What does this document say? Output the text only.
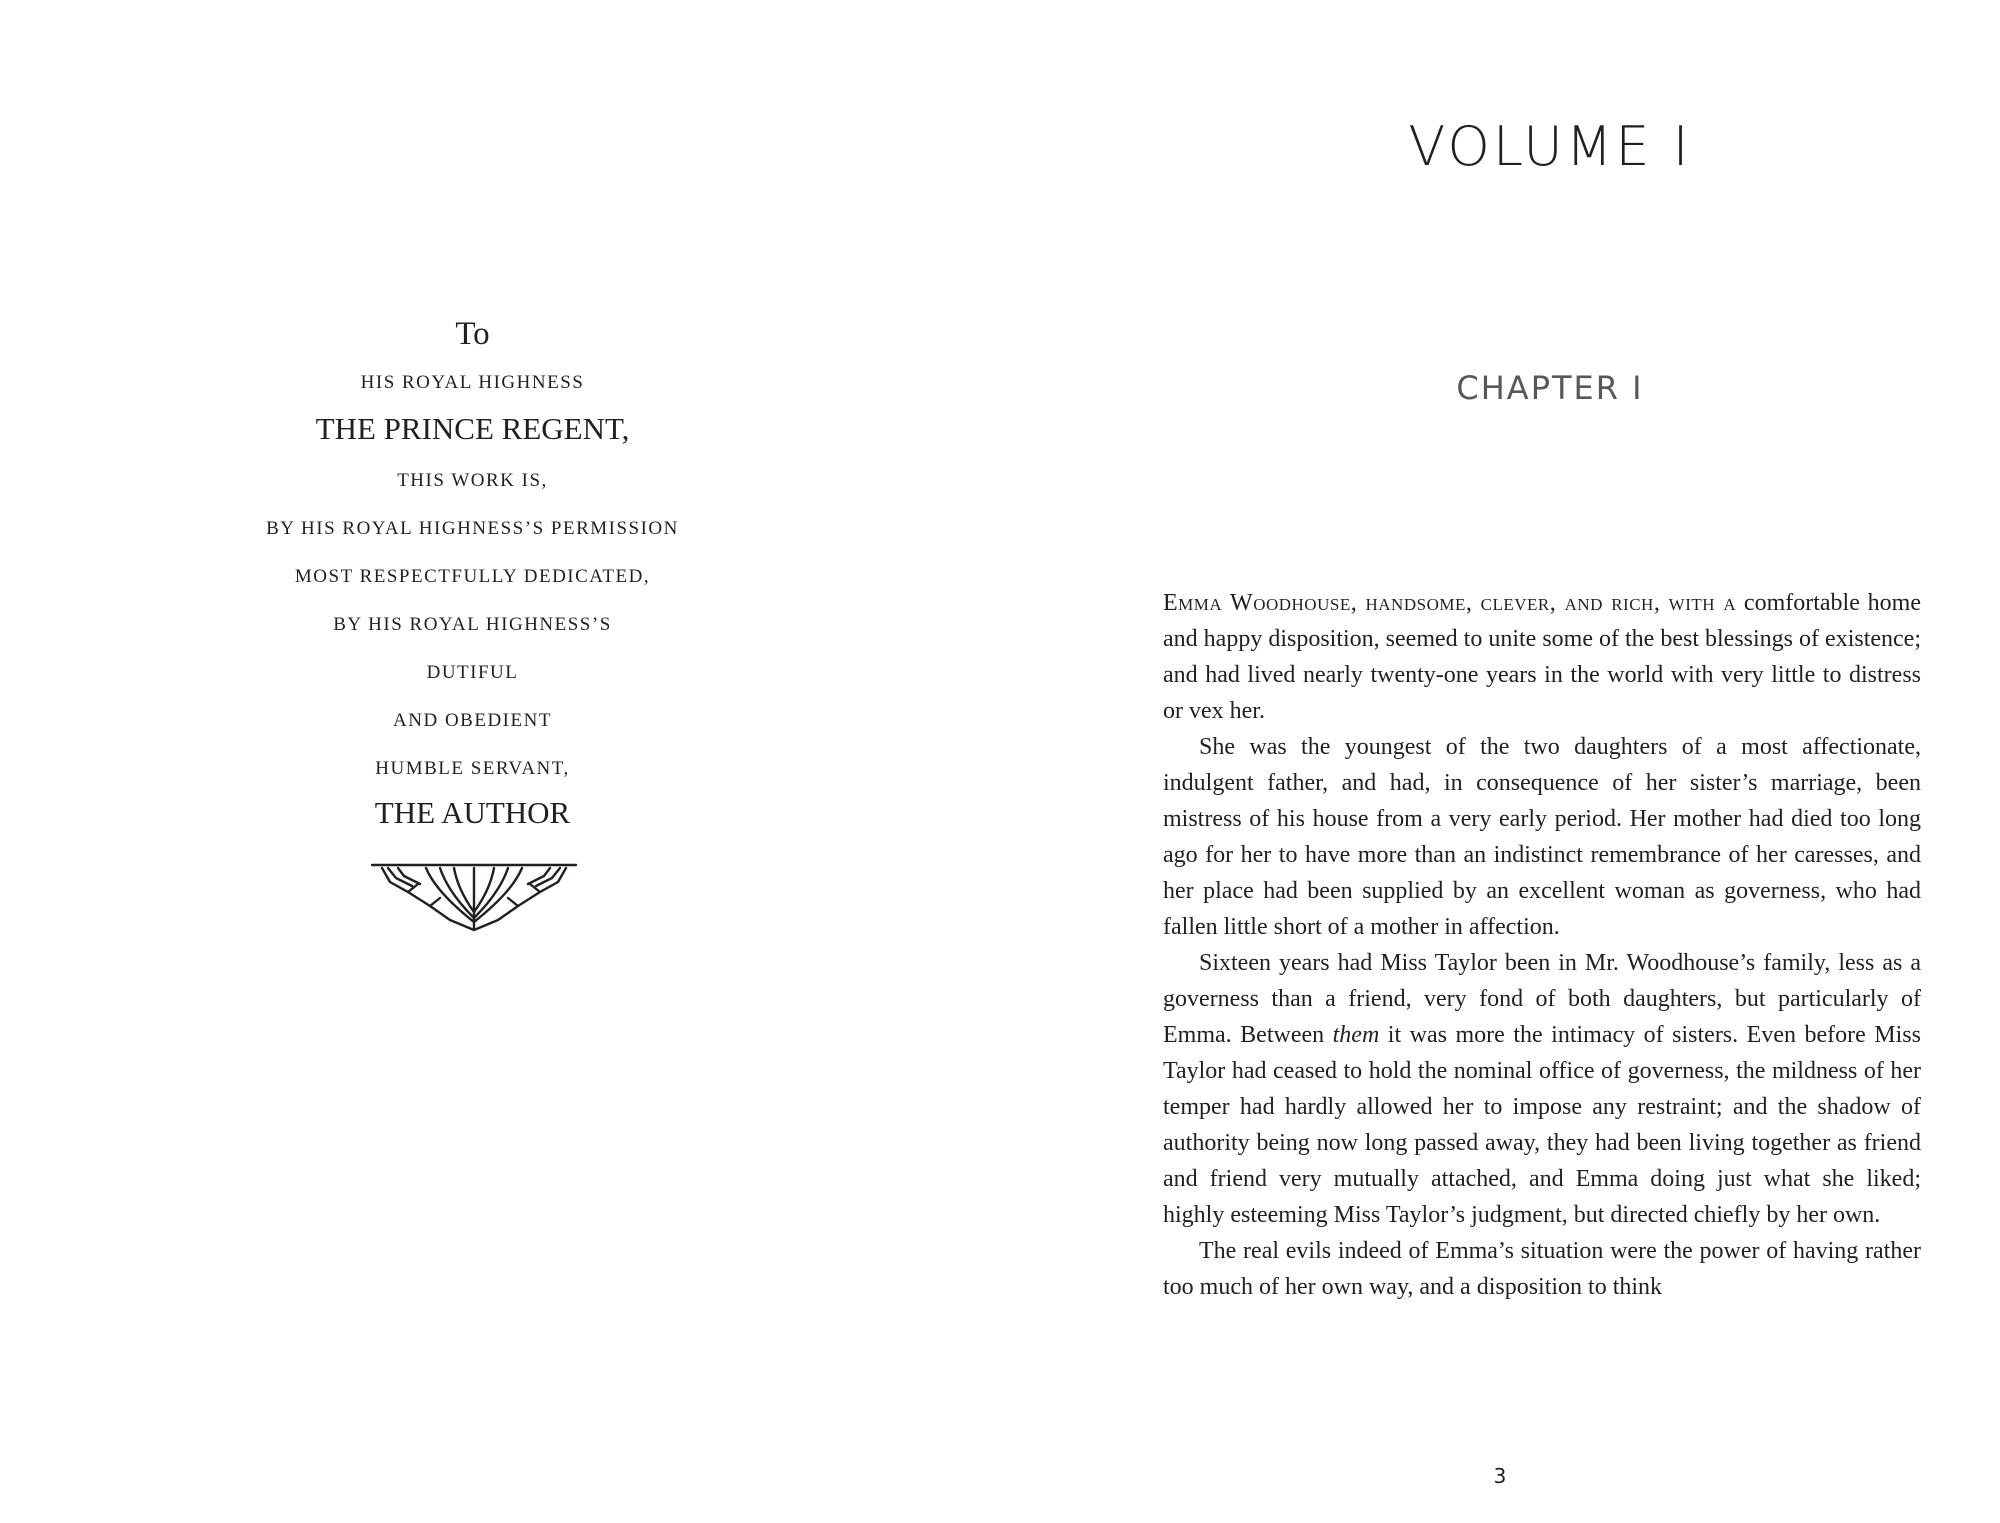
To
HIS ROYAL HIGHNESS
THE PRINCE REGENT,
THIS WORK IS,
BY HIS ROYAL HIGHNESS’S PERMISSION
MOST RESPECTFULLY DEDICATED,
BY HIS ROYAL HIGHNESS’S
DUTIFUL
AND OBEDIENT
HUMBLE SERVANT,
THE AUTHOR
VOLUME I
CHAPTER I

Emma Woodhouse, handsome, clever, and rich, with a comfortable home and happy disposition, seemed to unite some of the best blessings of existence; and had lived nearly twenty-one years in the world with very little to distress or vex her.

She was the youngest of the two daughters of a most affectionate, indulgent father, and had, in consequence of her sister’s marriage, been mistress of his house from a very early period. Her mother had died too long ago for her to have more than an indistinct remembrance of her caresses, and her place had been supplied by an excellent woman as governess, who had fallen little short of a mother in affection.

Sixteen years had Miss Taylor been in Mr. Woodhouse’s family, less as a governess than a friend, very fond of both daughters, but particularly of Emma. Between them it was more the intimacy of sisters. Even before Miss Taylor had ceased to hold the nominal office of governess, the mildness of her temper had hardly allowed her to impose any restraint; and the shadow of authority being now long passed away, they had been living together as friend and friend very mutually attached, and Emma doing just what she liked; highly esteeming Miss Taylor’s judgment, but directed chiefly by her own.

The real evils indeed of Emma’s situation were the power of having rather too much of her own way, and a disposition to think

3
